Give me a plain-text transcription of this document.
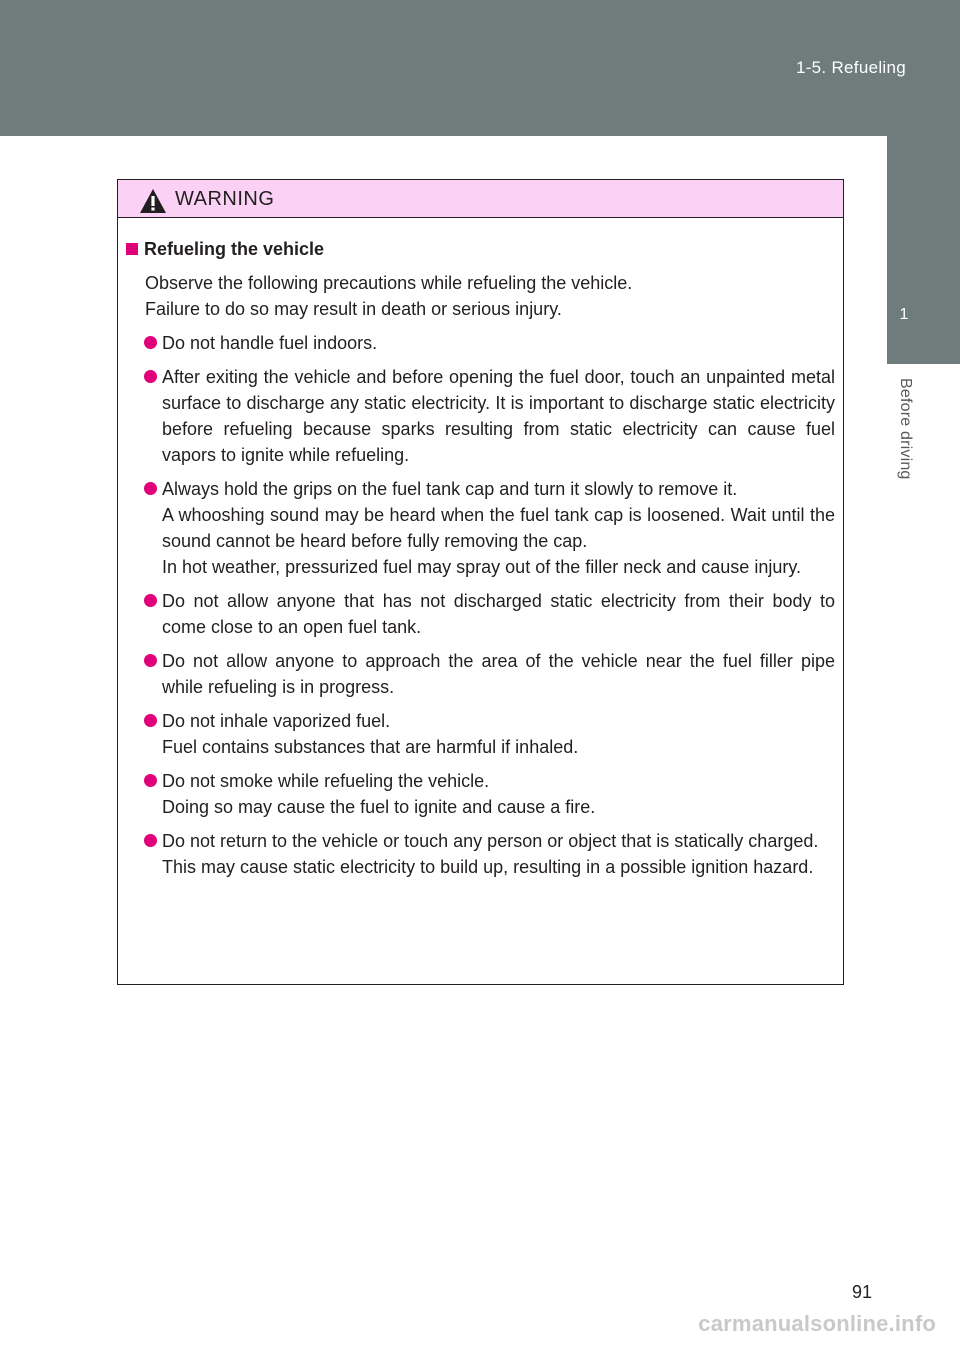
1-5. Refueling
1
Before driving
WARNING
Refueling the vehicle
Observe the following precautions while refueling the vehicle.
Failure to do so may result in death or serious injury.
Do not handle fuel indoors.
After exiting the vehicle and before opening the fuel door, touch an unpainted metal surface to discharge any static electricity. It is important to discharge static electricity before refueling because sparks resulting from static electricity can cause fuel vapors to ignite while refueling.
Always hold the grips on the fuel tank cap and turn it slowly to remove it.
A whooshing sound may be heard when the fuel tank cap is loosened. Wait until the sound cannot be heard before fully removing the cap.
In hot weather, pressurized fuel may spray out of the filler neck and cause injury.
Do not allow anyone that has not discharged static electricity from their body to come close to an open fuel tank.
Do not allow anyone to approach the area of the vehicle near the fuel filler pipe while refueling is in progress.
Do not inhale vaporized fuel.
Fuel contains substances that are harmful if inhaled.
Do not smoke while refueling the vehicle.
Doing so may cause the fuel to ignite and cause a fire.
Do not return to the vehicle or touch any person or object that is statically charged.
This may cause static electricity to build up, resulting in a possible ignition hazard.
91
carmanualsonline.info
